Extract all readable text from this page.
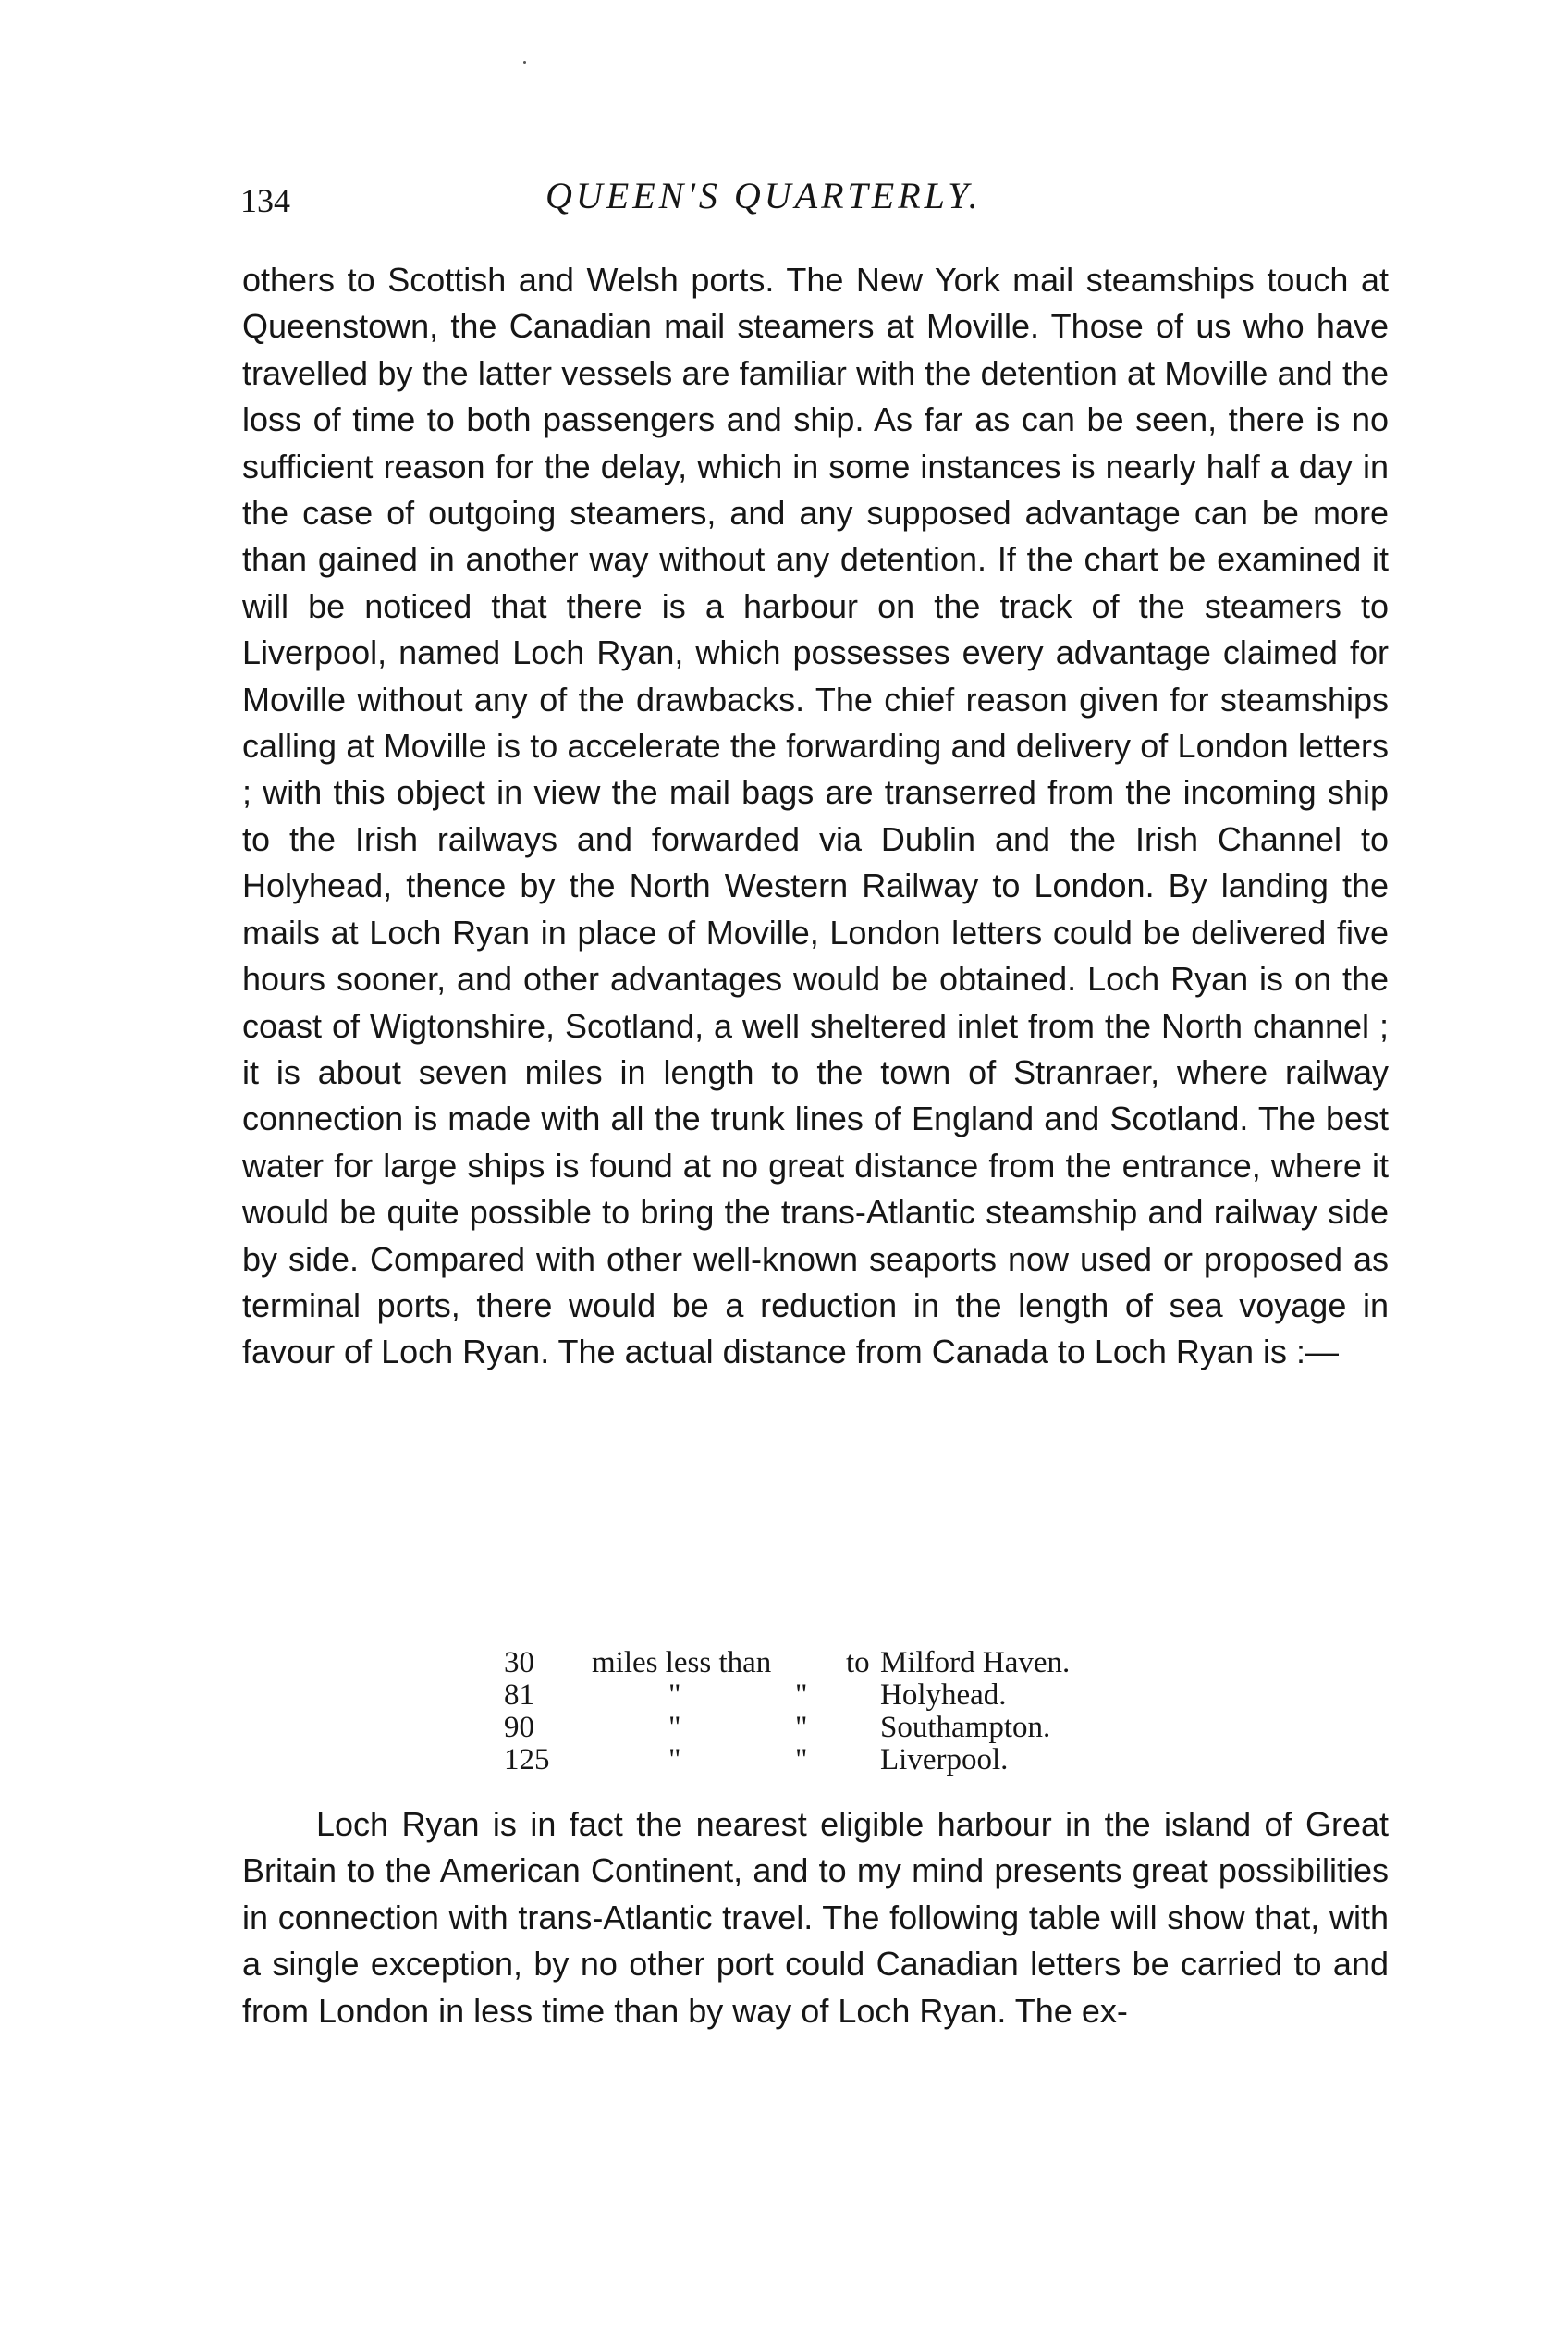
134	QUEEN'S QUARTERLY.

others to Scottish and Welsh ports. The New York mail steamships touch at Queenstown, the Canadian mail steamers at Moville. Those of us who have travelled by the latter vessels are familiar with the detention at Moville and the loss of time to both passengers and ship. As far as can be seen, there is no sufficient reason for the delay, which in some instances is nearly half a day in the case of outgoing steamers, and any supposed advantage can be more than gained in another way without any detention. If the chart be examined it will be noticed that there is a harbour on the track of the steamers to Liverpool, named Loch Ryan, which possesses every advantage claimed for Moville without any of the drawbacks. The chief reason given for steamships calling at Moville is to accelerate the forwarding and delivery of London letters ; with this object in view the mail bags are transerred from the incoming ship to the Irish railways and forwarded via Dublin and the Irish Channel to Holyhead, thence by the North Western Railway to London. By landing the mails at Loch Ryan in place of Moville, London letters could be delivered five hours sooner, and other advantages would be obtained. Loch Ryan is on the coast of Wigtonshire, Scotland, a well sheltered inlet from the North channel ; it is about seven miles in length to the town of Stranraer, where railway connection is made with all the trunk lines of England and Scotland. The best water for large ships is found at no great distance from the entrance, where it would be quite possible to bring the trans-Atlantic steamship and railway side by side. Compared with other well-known seaports now used or proposed as terminal ports, there would be a reduction in the length of sea voyage in favour of Loch Ryan. The actual distance from Canada to Loch Ryan is :—

30 miles less than to Milford Haven.
81	"	" Holyhead.
90	"	" Southampton.
125	"	" Liverpool.

Loch Ryan is in fact the nearest eligible harbour in the island of Great Britain to the American Continent, and to my mind presents great possibilities in connection with trans-Atlantic travel. The following table will show that, with a single exception, by no other port could Canadian letters be carried to and from London in less time than by way of Loch Ryan. The ex-
